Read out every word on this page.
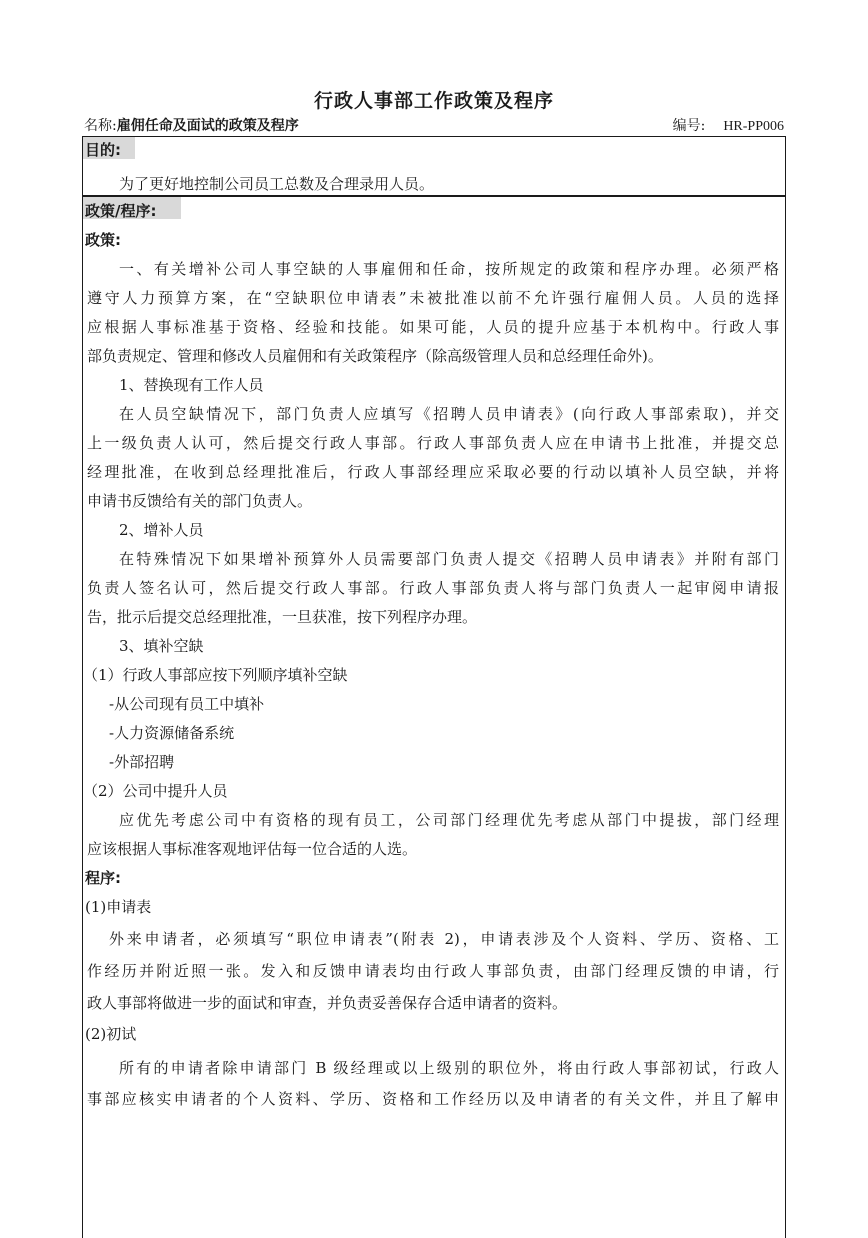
行政人事部工作政策及程序
名称:雇佣任命及面试的政策及程序	编号: HR-PP006
目的:
为了更好地控制公司员工总数及合理录用人员。
政策/程序:
政策:
一、有关增补公司人事空缺的人事雇佣和任命，按所规定的政策和程序办理。必须严格
遵守人力预算方案，在“空缺职位申请表”未被批准以前不允许强行雇佣人员。人员的选择
应根据人事标准基于资格、经验和技能。如果可能，人员的提升应基于本机构中。行政人事
部负责规定、管理和修改人员雇佣和有关政策程序（除高级管理人员和总经理任命外)。
1、替换现有工作人员
在人员空缺情况下，部门负责人应填写《招聘人员申请表》(向行政人事部索取)，并交
上一级负责人认可，然后提交行政人事部。行政人事部负责人应在申请书上批准，并提交总
经理批准，在收到总经理批准后，行政人事部经理应采取必要的行动以填补人员空缺，并将
申请书反馈给有关的部门负责人。
2、增补人员
在特殊情况下如果增补预算外人员需要部门负责人提交《招聘人员申请表》并附有部门
负责人签名认可，然后提交行政人事部。行政人事部负责人将与部门负责人一起审阅申请报
告，批示后提交总经理批准，一旦获准，按下列程序办理。
3、填补空缺
（1）行政人事部应按下列顺序填补空缺
-从公司现有员工中填补
-人力资源储备系统
-外部招聘
（2）公司中提升人员
应优先考虑公司中有资格的现有员工，公司部门经理优先考虑从部门中提拔，部门经理
应该根据人事标准客观地评估每一位合适的人选。
程序:
(1)申请表
外来申请者，必须填写“职位申请表”(附表 2)，申请表涉及个人资料、学历、资格、工
作经历并附近照一张。发入和反馈申请表均由行政人事部负责，由部门经理反馈的申请，行
政人事部将做进一步的面试和审查，并负责妥善保存合适申请者的资料。
(2)初试
所有的申请者除申请部门 B 级经理或以上级别的职位外，将由行政人事部初试，行政人
事部应核实申请者的个人资料、学历、资格和工作经历以及申请者的有关文件，并且了解申
